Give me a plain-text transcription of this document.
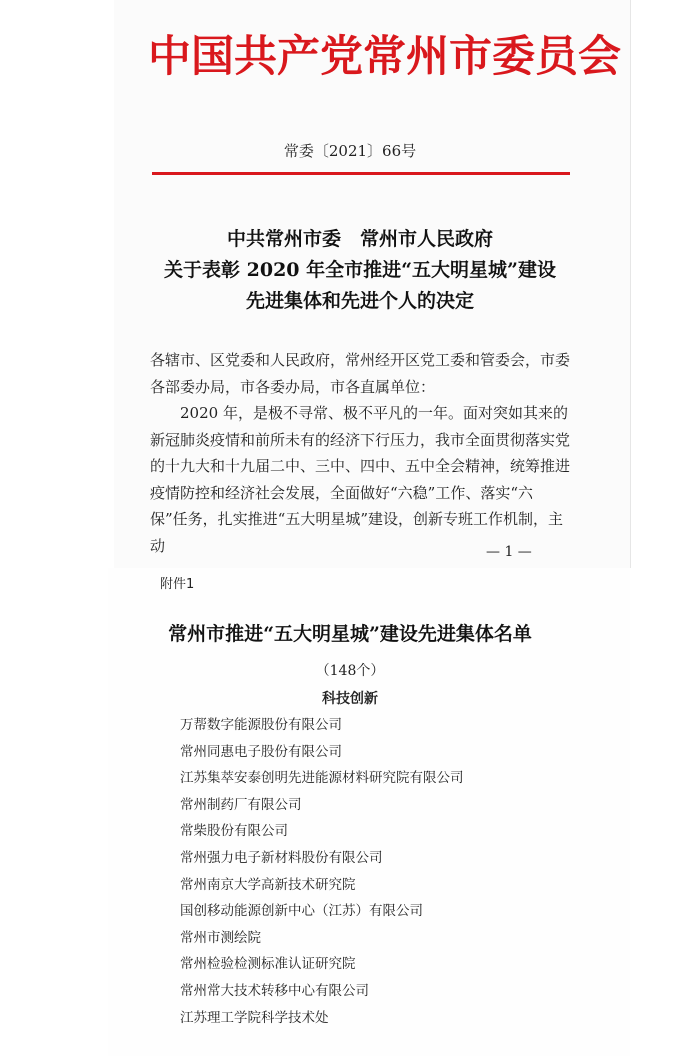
中国共产党常州市委员会
常委〔2021〕66号
中共常州市委　常州市人民政府
关于表彰 2020 年全市推进“五大明星城”建设
先进集体和先进个人的决定
各辖市、区党委和人民政府，常州经开区党工委和管委会，市委各部委办局，市各委办局，市各直属单位：
2020 年，是极不寻常、极不平凡的一年。面对突如其来的新冠肺炎疫情和前所未有的经济下行压力，我市全面贯彻落实党的十九大和十九届二中、三中、四中、五中全会精神，统筹推进疫情防控和经济社会发展，全面做好“六稳”工作、落实“六保”任务，扎实推进“五大明星城”建设，创新专班工作机制，主动	— 1 —
附件1
常州市推进“五大明星城”建设先进集体名单
（148个）
科技创新
万帮数字能源股份有限公司
常州同惠电子股份有限公司
江苏集萃安泰创明先进能源材料研究院有限公司
常州制药厂有限公司
常柴股份有限公司
常州强力电子新材料股份有限公司
常州南京大学高新技术研究院
国创移动能源创新中心（江苏）有限公司
常州市测绘院
常州检验检测标准认证研究院
常州常大技术转移中心有限公司
江苏理工学院科学技术处
